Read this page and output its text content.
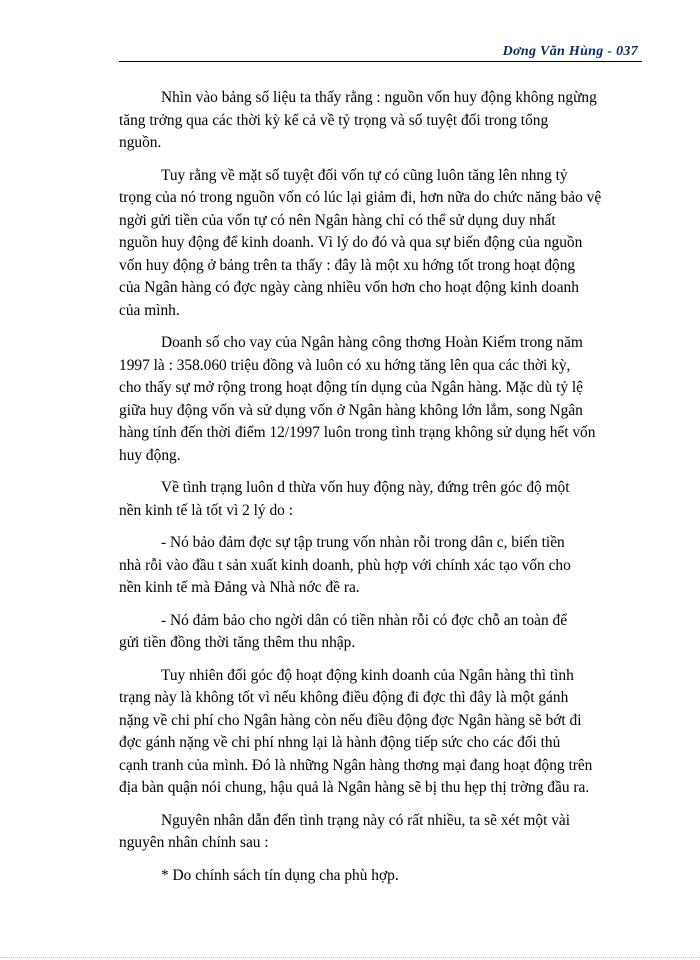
Dơng Văn Hùng - 037

Nhìn vào bảng số liệu ta thấy rằng : nguồn vốn huy động không ngừng
tăng trởng qua các thời kỳ kể cả về tỷ trọng và số tuyệt đối trong tổng
nguồn.

Tuy rằng về mặt số tuyệt đối vốn tự có cũng luôn tăng lên nhng tỷ
trọng của nó trong nguồn vốn có lúc lại giảm đi, hơn nữa do chức năng bảo vệ
ngời gửi tiền của vốn tự có nên Ngân hàng chỉ có thể sử dụng duy nhất
nguồn huy động để kinh doanh. Vì lý do đó và qua sự biến động của nguồn
vốn huy động ở bảng trên ta thấy : đây là một xu hớng tốt trong hoạt động
của Ngân hàng có đợc ngày càng nhiều vốn hơn cho hoạt động kinh doanh
của mình.

Doanh số cho vay của Ngân hàng công thơng Hoàn Kiếm trong năm
1997 là : 358.060 triệu đồng và luôn có xu hớng tăng lên qua các thời kỳ,
cho thấy sự mở rộng trong hoạt động tín dụng của Ngân hàng. Mặc dù tỷ lệ
giữa huy động vốn và sử dụng vốn ở Ngân hàng không lớn lắm, song Ngân
hàng tính đến thời điểm 12/1997 luôn trong tình trạng không sử dụng hết vốn
huy động.

Về tình trạng luôn d thừa vốn huy động này, đứng trên góc độ một
nền kinh tế là tốt vì 2 lý do :

- Nó bảo đảm đợc sự tập trung vốn nhàn rỗi trong dân c, biến tiền
nhà rỗi vào đầu t sản xuất kinh doanh, phù hợp với chính xác tạo vốn cho
nền kinh tế mà Đảng và Nhà nớc đề ra.

- Nó đảm bảo cho ngời dân có tiền nhàn rỗi có đợc chỗ an toàn để
gửi tiền đồng thời tăng thêm thu nhập.

Tuy nhiên đối góc độ hoạt động kinh doanh của Ngân hàng thì tình
trạng này là không tốt vì nếu không điều động đi đợc thì đây là một gánh
nặng về chi phí cho Ngân hàng còn nếu điều động đợc Ngân hàng sẽ bớt đi
đợc gánh nặng về chi phí nhng lại là hành động tiếp sức cho các đối thủ
cạnh tranh của mình. Đó là những Ngân hàng thơng mại đang hoạt động trên
địa bàn quận nói chung, hậu quả là Ngân hàng sẽ bị thu hẹp thị trờng đầu ra.

Nguyên nhân dẫn đến tình trạng này có rất nhiều, ta sẽ xét một vài
nguyên nhân chính sau :

* Do chính sách tín dụng cha phù hợp.
